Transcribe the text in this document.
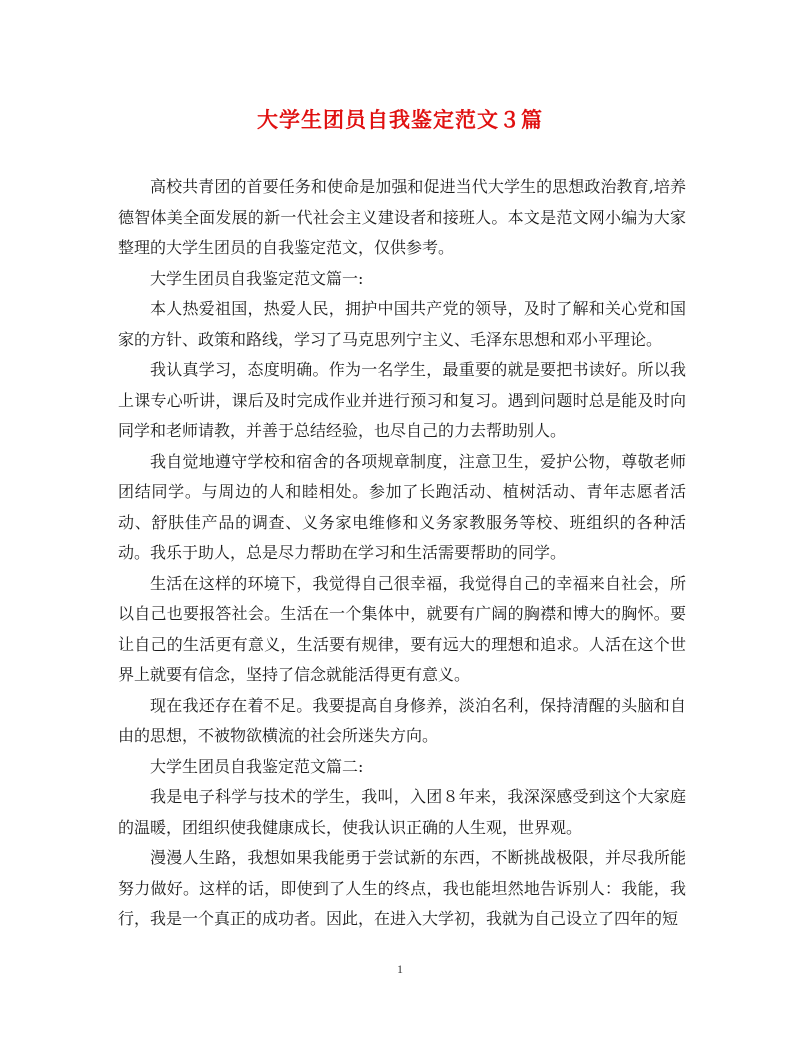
大学生团员自我鉴定范文３篇

高校共青团的首要任务和使命是加强和促进当代大学生的思想政治教育,培养德智体美全面发展的新一代社会主义建设者和接班人。本文是范文网小编为大家整理的大学生团员的自我鉴定范文，仅供参考。

大学生团员自我鉴定范文篇一:

本人热爱祖国，热爱人民，拥护中国共产党的领导，及时了解和关心党和国家的方针、政策和路线，学习了马克思列宁主义、毛泽东思想和邓小平理论。

我认真学习，态度明确。作为一名学生，最重要的就是要把书读好。所以我上课专心听讲，课后及时完成作业并进行预习和复习。遇到问题时总是能及时向同学和老师请教，并善于总结经验，也尽自己的力去帮助别人。

我自觉地遵守学校和宿舍的各项规章制度，注意卫生，爱护公物，尊敬老师团结同学。与周边的人和睦相处。参加了长跑活动、植树活动、青年志愿者活动、舒肤佳产品的调查、义务家电维修和义务家教服务等校、班组织的各种活动。我乐于助人，总是尽力帮助在学习和生活需要帮助的同学。

生活在这样的环境下，我觉得自己很幸福，我觉得自己的幸福来自社会，所以自己也要报答社会。生活在一个集体中，就要有广阔的胸襟和博大的胸怀。要让自己的生活更有意义，生活要有规律，要有远大的理想和追求。人活在这个世界上就要有信念，坚持了信念就能活得更有意义。

现在我还存在着不足。我要提高自身修养，淡泊名利，保持清醒的头脑和自由的思想，不被物欲横流的社会所迷失方向。

大学生团员自我鉴定范文篇二:

我是电子科学与技术的学生，我叫，入团８年来，我深深感受到这个大家庭的温暖，团组织使我健康成长，使我认识正确的人生观，世界观。

漫漫人生路，我想如果我能勇于尝试新的东西，不断挑战极限，并尽我所能努力做好。这样的话，即使到了人生的终点，我也能坦然地告诉别人：我能，我行，我是一个真正的成功者。因此，在进入大学初，我就为自己设立了四年的短

1
